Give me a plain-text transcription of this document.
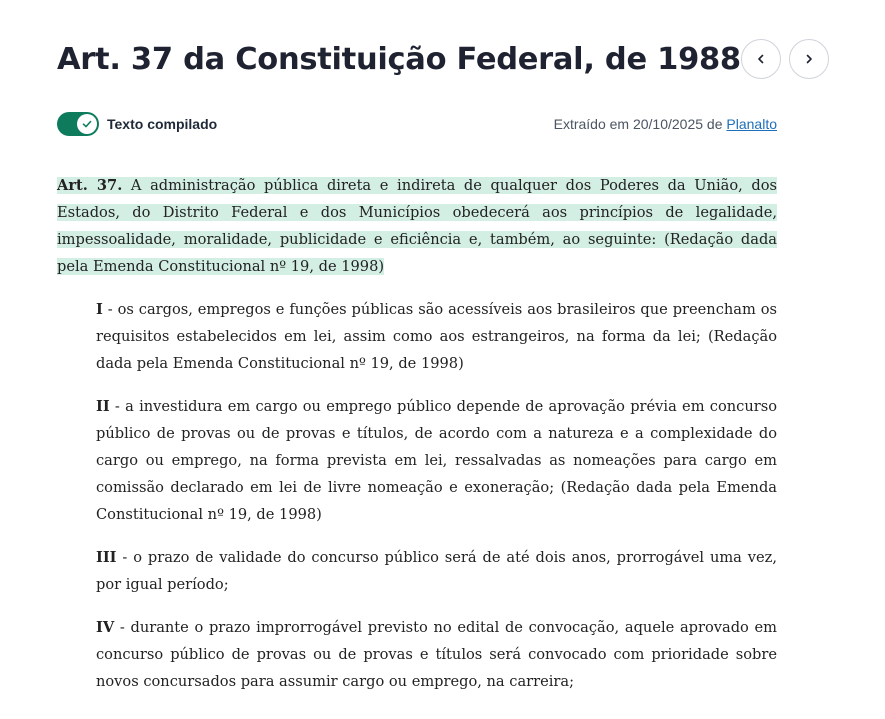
Art. 37 da Constituição Federal, de 1988
Texto compilado	Extraído em 20/10/2025 de Planalto

Art. 37. A administração pública direta e indireta de qualquer dos Poderes da União, dos Estados, do Distrito Federal e dos Municípios obedecerá aos princípios de legalidade, impessoalidade, moralidade, publicidade e eficiência e, também, ao seguinte: (Redação dada pela Emenda Constitucional nº 19, de 1998)

I - os cargos, empregos e funções públicas são acessíveis aos brasileiros que preencham os requisitos estabelecidos em lei, assim como aos estrangeiros, na forma da lei; (Redação dada pela Emenda Constitucional nº 19, de 1998)

II - a investidura em cargo ou emprego público depende de aprovação prévia em concurso público de provas ou de provas e títulos, de acordo com a natureza e a complexidade do cargo ou emprego, na forma prevista em lei, ressalvadas as nomeações para cargo em comissão declarado em lei de livre nomeação e exoneração; (Redação dada pela Emenda Constitucional nº 19, de 1998)

III - o prazo de validade do concurso público será de até dois anos, prorrogável uma vez, por igual período;

IV - durante o prazo improrrogável previsto no edital de convocação, aquele aprovado em concurso público de provas ou de provas e títulos será convocado com prioridade sobre novos concursados para assumir cargo ou emprego, na carreira;
